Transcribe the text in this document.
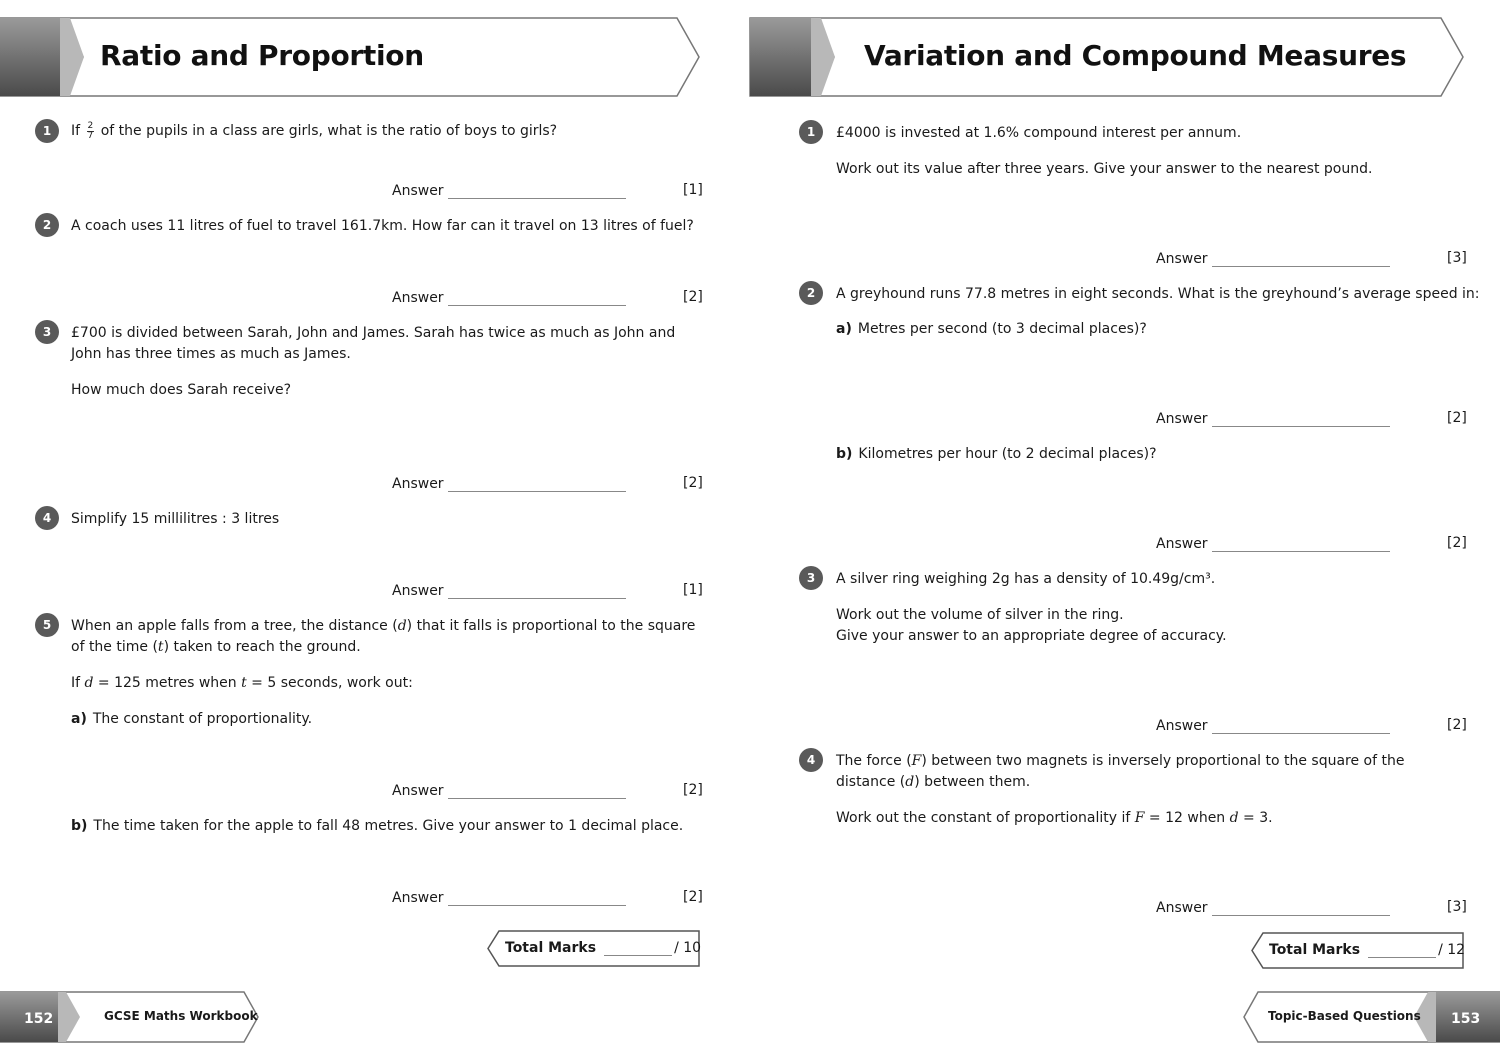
Ratio and Proportion
1	If $\frac{2}{7}$ of the pupils in a class are girls, what is the ratio of boys to girls?
Answer	[1]
2	A coach uses 11 litres of fuel to travel 161.7km. How far can it travel on 13 litres of fuel?
Answer	[2]
3	£700 is divided between Sarah, John and James. Sarah has twice as much as John and
John has three times as much as James.
How much does Sarah receive?
Answer	[2]
4	Simplify 15 millilitres : 3 litres
Answer	[1]
5	When an apple falls from a tree, the distance (d) that it falls is proportional to the square
of the time (t) taken to reach the ground.
If d = 125 metres when t = 5 seconds, work out:
a) The constant of proportionality.
Answer	[2]
b) The time taken for the apple to fall 48 metres. Give your answer to 1 decimal place.
Answer	[2]
Total Marks	/ 10
152	GCSE Maths Workbook
Variation and Compound Measures
1	£4000 is invested at 1.6% compound interest per annum.
Work out its value after three years. Give your answer to the nearest pound.
Answer	[3]
2	A greyhound runs 77.8 metres in eight seconds. What is the greyhound’s average speed in:
a) Metres per second (to 3 decimal places)?
Answer	[2]
b) Kilometres per hour (to 2 decimal places)?
Answer	[2]
3	A silver ring weighing 2g has a density of 10.49g/cm³.
Work out the volume of silver in the ring.
Give your answer to an appropriate degree of accuracy.
Answer	[2]
4	The force (F) between two magnets is inversely proportional to the square of the
distance (d) between them.
Work out the constant of proportionality if F = 12 when d = 3.
Answer	[3]
Total Marks	/ 12
Topic-Based Questions 153
